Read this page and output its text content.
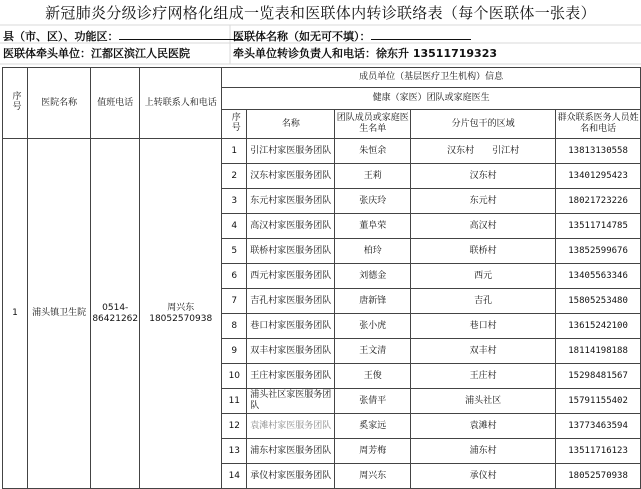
新冠肺炎分级诊疗网格化组成一览表和医联体内转诊联络表（每个医联体一张表）
县（市、区）、功能区：	医联体名称（如无可不填）：
医联体牵头单位：江都区滨江人民医院	牵头单位转诊负责人和电话：徐东升 13511719323
序号	医院名称	值班电话	上转联系人和电话	成员单位（基层医疗卫生机构）信息				
				健康（家医）团队或家庭医生				
				序号	名称	团队成员或家庭医生名单	分片包干的区域	群众联系医务人员姓名和电话
1	浦头镇卫生院	0514-86421262	周兴东18052570938	1	引江村家医服务团队	朱恒余	汉东村　　引江村	13813130558
				2	汉东村家医服务团队	王莉	汉东村	13401295423
				3	东元村家医服务团队	张庆玲	东元村	18021723226
				4	高汉村家医服务团队	董阜荣	高汉村	13511714785
				5	联桥村家医服务团队	柏玲	联桥村	13852599676
				6	西元村家医服务团队	刘德金	西元	13405563346
				7	吉孔村家医服务团队	唐新锋	吉孔	15805253480
				8	巷口村家医服务团队	张小虎	巷口村	13615242100
				9	双丰村家医服务团队	王文清	双丰村	18114198188
				10	王庄村家医服务团队	王俊	王庄村	15298481567
				11	浦头社区家医服务团队	张倩平	浦头社区	15791155402
				12	袁滩村家医服务团队	奚家远	袁滩村	13773463594
				13	浦东村家医服务团队	周芳梅	浦东村	13511716123
				14	承仪村家医服务团队	周兴东	承仪村	18052570938
